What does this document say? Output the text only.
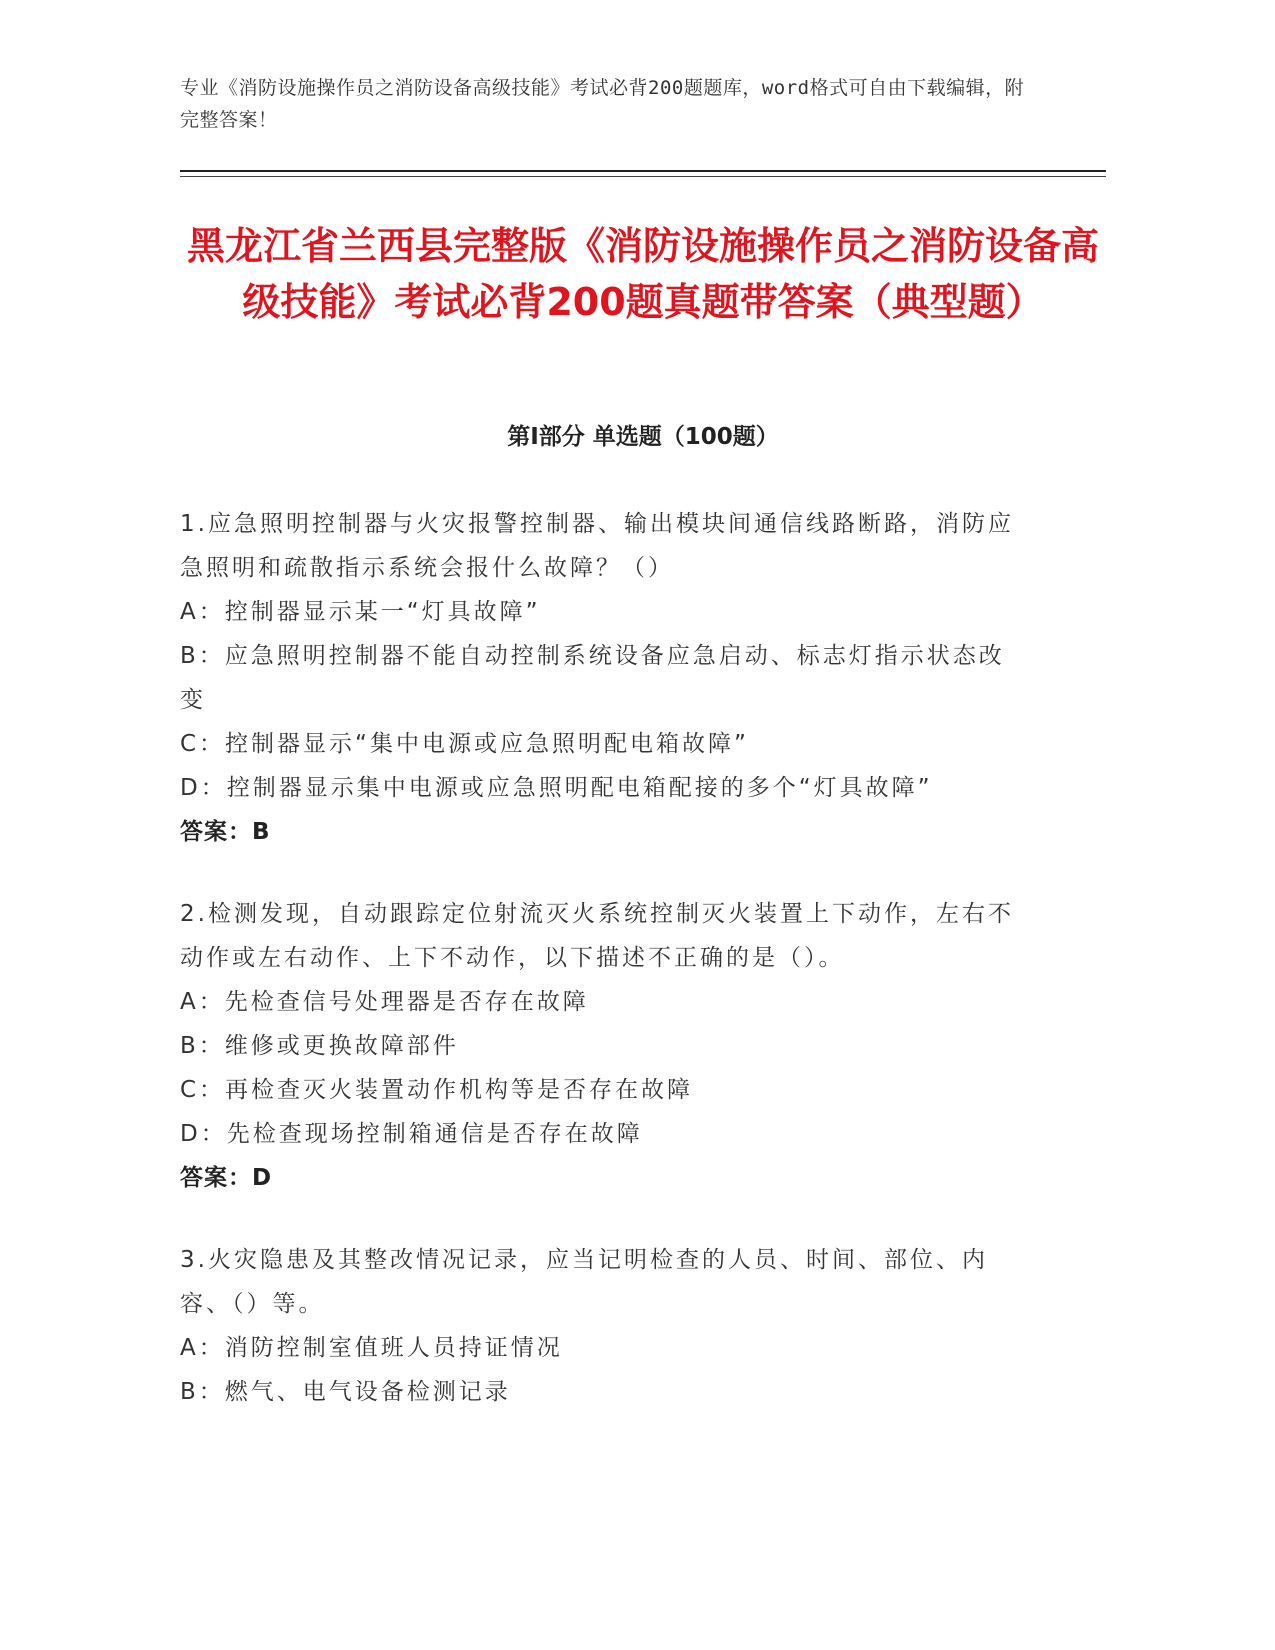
专业《消防设施操作员之消防设备高级技能》考试必背200题题库，word格式可自由下载编辑，附完整答案！
黑龙江省兰西县完整版《消防设施操作员之消防设备高级技能》考试必背200题真题带答案（典型题）
第Ⅰ部分 单选题（100题）
1.应急照明控制器与火灾报警控制器、输出模块间通信线路断路，消防应急照明和疏散指示系统会报什么故障？（）
A：控制器显示某一“灯具故障”
B：应急照明控制器不能自动控制系统设备应急启动、标志灯指示状态改变
C：控制器显示“集中电源或应急照明配电箱故障”
D：控制器显示集中电源或应急照明配电箱配接的多个“灯具故障”
答案：B
2.检测发现，自动跟踪定位射流灭火系统控制灭火装置上下动作，左右不动作或左右动作、上下不动作，以下描述不正确的是（）。
A：先检查信号处理器是否存在故障
B：维修或更换故障部件
C：再检查灭火装置动作机构等是否存在故障
D：先检查现场控制箱通信是否存在故障
答案：D
3.火灾隐患及其整改情况记录，应当记明检查的人员、时间、部位、内容、（）等。
A：消防控制室值班人员持证情况
B：燃气、电气设备检测记录
